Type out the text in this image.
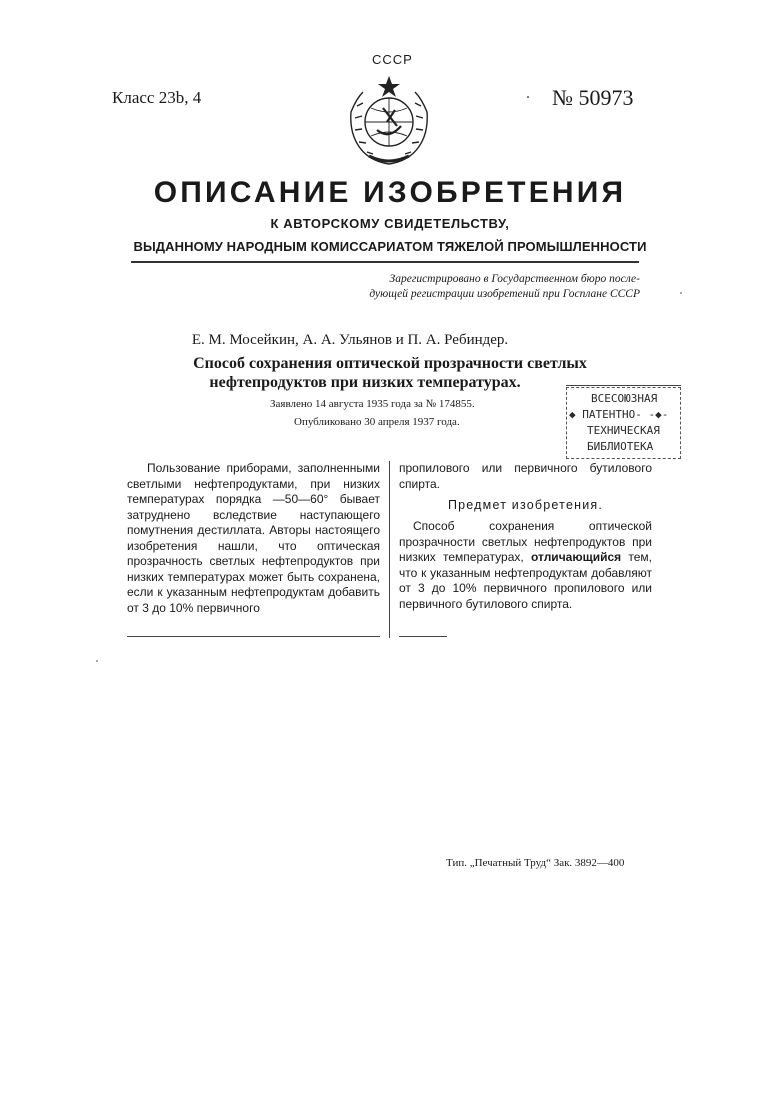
СССР
Класс 23b, 4	№ 50973
ОПИСАНИЕ ИЗОБРЕТЕНИЯ
К АВТОРСКОМУ СВИДЕТЕЛЬСТВУ,
ВЫДАННОМУ НАРОДНЫМ КОМИССАРИАТОМ ТЯЖЕЛОЙ ПРОМЫШЛЕННОСТИ
Зарегистрировано в Государственном бюро после-
дующей регистрации изобретений при Госплане СССР
Е. М. Мосейкин, А. А. Ульянов и П. А. Ребиндер.
Способ сохранения оптической прозрачности светлых
нефтепродуктов при низких температурах.
Заявлено 14 августа 1935 года за № 174855.
Опубликовано 30 апреля 1937 года.
ВСЕСОЮЗНАЯ
◆ ПАТЕНТНО- -◆-
ТЕХНИЧЕСКАЯ
БИБЛИОТЕКА

Пользование приборами, заполненными светлыми нефтепродуктами, при низких температурах порядка —50—60° бывает затруднено вследствие наступающего помутнения дестиллата. Авторы настоящего изобретения нашли, что оптическая прозрачность светлых нефтепродуктов при низких температурах может быть сохранена, если к указанным нефтепродуктам добавить от 3 до 10% первичного

пропилового или первичного бутилового спирта.

Предмет изобретения.

Способ сохранения оптической прозрачности светлых нефтепродуктов при низких температурах, отличающийся тем, что к указанным нефтепродуктам добавляют от 3 до 10% первичного пропилового или первичного бутилового спирта.

Тип. „Печатный Труд“ Зак. 3892—400
